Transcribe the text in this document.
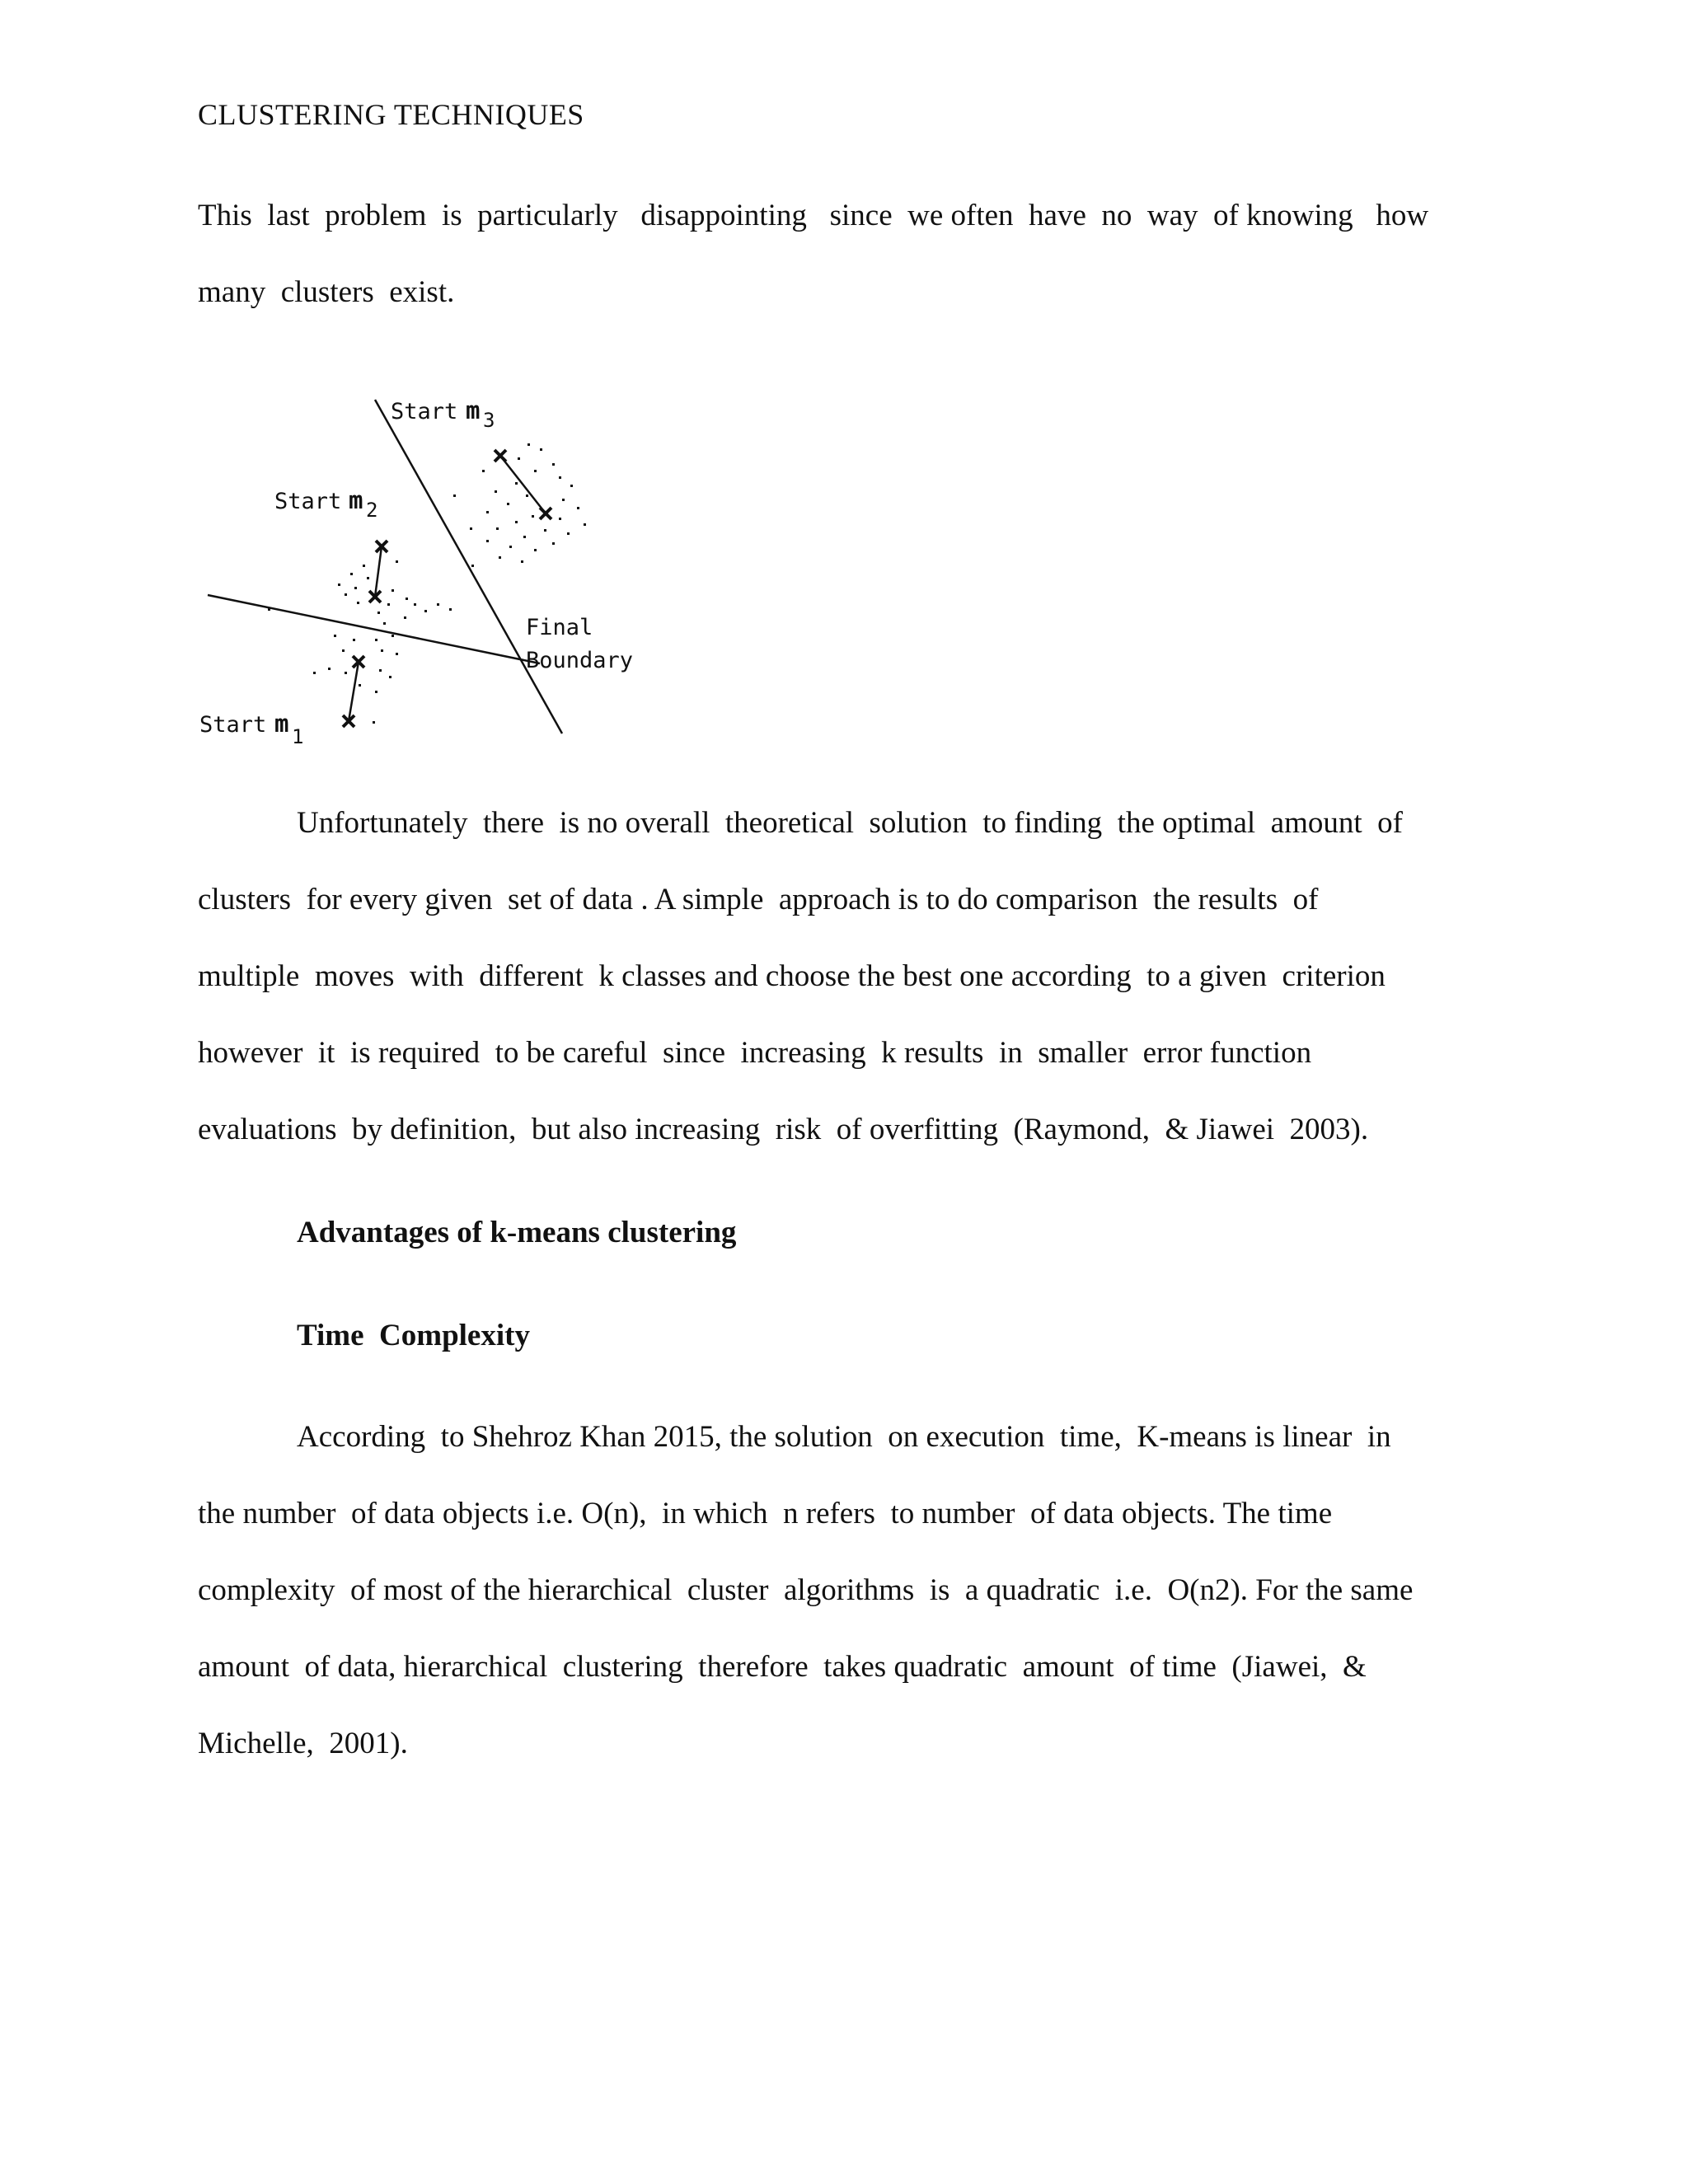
CLUSTERING TECHNIQUES
This  last  problem  is  particularly   disappointing   since  we often  have  no  way  of knowing   how
many  clusters  exist.
Start m 3
Start m 2
Start m 1
Final
Boundary
Unfortunately  there  is no overall  theoretical  solution  to finding  the optimal  amount  of
clusters  for every given  set of data . A simple  approach is to do comparison  the results  of
multiple  moves  with  different  k classes and choose the best one according  to a given  criterion
however  it  is required  to be careful  since  increasing  k results  in  smaller  error function
evaluations  by definition,  but also increasing  risk  of overfitting  (Raymond,  & Jiawei  2003).
Advantages of k-means clustering
Time  Complexity
According  to Shehroz Khan 2015, the solution  on execution  time,  K-means is linear  in
the number  of data objects i.e. O(n),  in which  n refers  to number  of data objects. The time
complexity  of most of the hierarchical  cluster  algorithms  is  a quadratic  i.e.  O(n2). For the same
amount  of data, hierarchical  clustering  therefore  takes quadratic  amount  of time  (Jiawei,  &
Michelle,  2001).
